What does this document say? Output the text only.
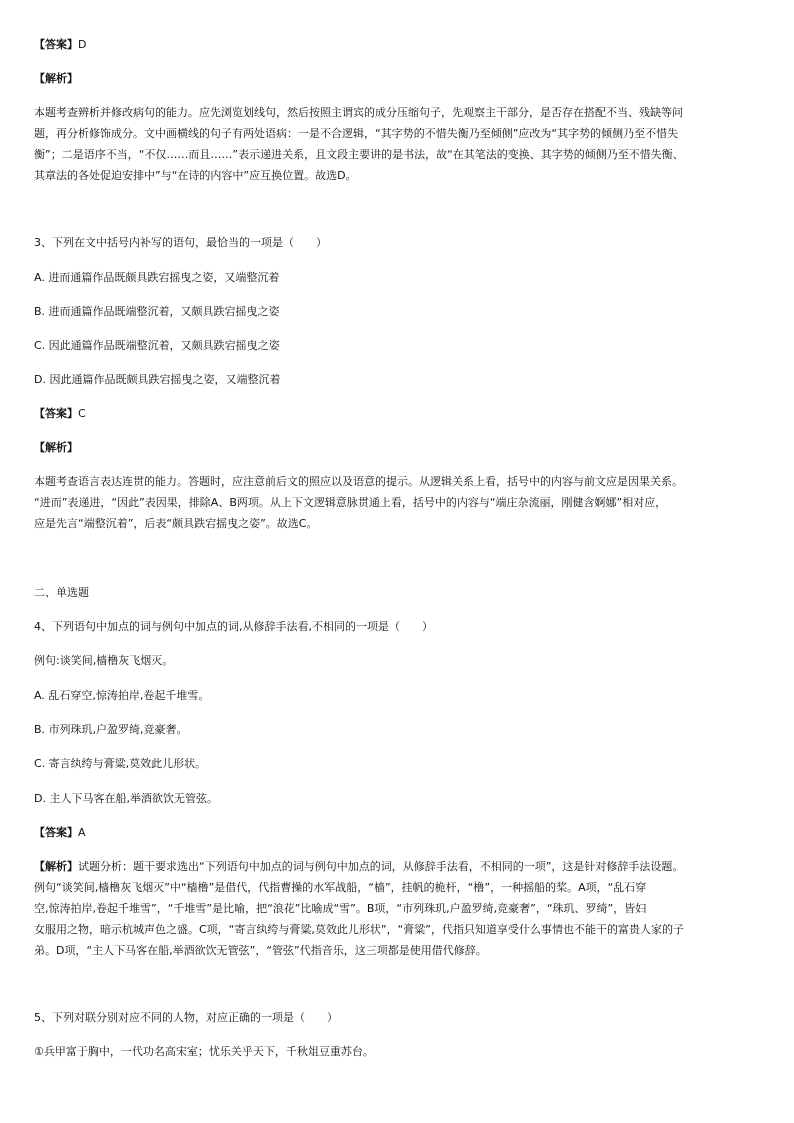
【答案】D
【解析】
本题考查辨析并修改病句的能力。应先浏览划线句，然后按照主谓宾的成分压缩句子，先观察主干部分，是否存在搭配不当、残缺等问
题，再分析修饰成分。文中画横线的句子有两处语病：一是不合逻辑，“其字势的不惜失衡乃至倾侧”应改为“其字势的倾侧乃至不惜失
衡”；二是语序不当，“不仅……而且……”表示递进关系，且文段主要讲的是书法，故“在其笔法的变换、其字势的倾侧乃至不惜失衡、
其章法的各处促迫安排中”与“在诗的内容中”应互换位置。故选D。
3、下列在文中括号内补写的语句，最恰当的一项是（　　）
A. 进而通篇作品既颇具跌宕摇曳之姿，又端整沉着
B. 进而通篇作品既端整沉着，又颇具跌宕摇曳之姿
C. 因此通篇作品既端整沉着，又颇具跌宕摇曳之姿
D. 因此通篇作品既颇具跌宕摇曳之姿，又端整沉着
【答案】C
【解析】
本题考查语言表达连贯的能力。答题时，应注意前后文的照应以及语意的提示。从逻辑关系上看，括号中的内容与前文应是因果关系。
“进而”表递进，“因此”表因果，排除A、B两项。从上下文逻辑意脉贯通上看，括号中的内容与“端庄杂流丽，刚健含婀娜”相对应，
应是先言“端整沉着”，后表“颇具跌宕摇曳之姿”。故选C。
二、单选题
4、下列语句中加点的词与例句中加点的词,从修辞手法看,不相同的一项是（　　）
例句:谈笑间,樯橹灰飞烟灭。
A. 乱石穿空,惊涛拍岸,卷起千堆雪。
B. 市列珠玑,户盈罗绮,竞豪奢。
C. 寄言纨绔与膏粱,莫效此儿形状。
D. 主人下马客在船,举酒欲饮无管弦。
【答案】A
【解析】试题分析：题干要求选出“下列语句中加点的词与例句中加点的词，从修辞手法看，不相同的一项”，这是针对修辞手法设题。
例句“谈笑间,樯橹灰飞烟灭”中“樯橹”是借代，代指曹操的水军战船，“樯”，挂帆的桅杆，“橹”，一种摇船的桨。A项，“乱石穿
空,惊涛拍岸,卷起千堆雪”，“千堆雪”是比喻，把“浪花”比喻成“雪”。B项，“市列珠玑,户盈罗绮,竞豪奢”，“珠玑、罗绮”，皆妇
女服用之物，暗示杭城声色之盛。C项，“寄言纨绔与膏粱,莫效此儿形状”，“膏粱”，代指只知道享受什么事情也不能干的富贵人家的子
弟。D项，“主人下马客在船,举酒欲饮无管弦”，“管弦”代指音乐，这三项都是使用借代修辞。
5、下列对联分别对应不同的人物，对应正确的一项是（　　）
①兵甲富于胸中，一代功名高宋室；忧乐关乎天下，千秋俎豆重苏台。
